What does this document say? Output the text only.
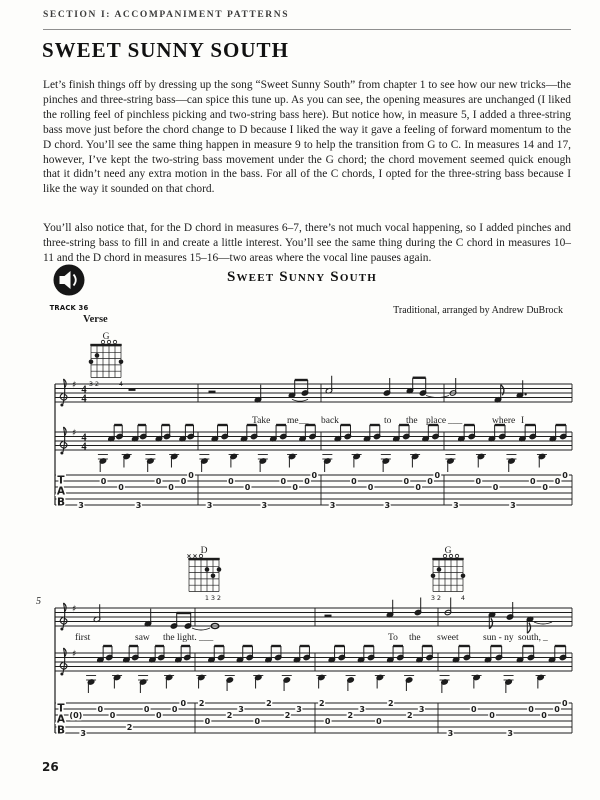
SECTION I: ACCOMPANIMENT PATTERNS
SWEET SUNNY SOUTH

Let’s finish things off by dressing up the song “Sweet Sunny South” from chapter 1 to see how our new tricks—the pinches and three-string bass—can spice this tune up. As you can see, the opening measures are unchanged (I liked the rolling feel of pinchless picking and two-string bass here). But notice how, in measure 5, I added a three-string bass move just before the chord change to D because I liked the way it gave a feeling of forward momentum to the D chord. You’ll see the same thing happen in measure 9 to help the transition from G to C. In measures 14 and 17, however, I’ve kept the two-string bass movement under the G chord; the chord movement seemed quick enough that it didn’t need any extra motion in the bass. For all of the C chords, I opted for the three-string bass because I like the way it sounded on that chord.

You’ll also notice that, for the D chord in measures 6–7, there’s not much vocal happening, so I added pinches and three-string bass to fill in and create a little interest. You’ll see the same thing during the C chord in measures 10–11 and the D chord in measures 15–16—two areas where the vocal line pauses again.

TRACK 36
Sweet Sunny South
Traditional, arranged by Andrew DuBrock
Verse
5
G
3 2	4
D
1 3 2
G
3 2	4
♯
♯
4
4
4
4
Take me __ back	to the place ___	where I
T
A
B 3
0
0
3
0
0
0
0
3
0
0
3
0
0
0
0
3
0
0
3
0
0
0
0
3
0
0
3
0
0
0
0
♯
♯
first	saw the light. ___	To the sweet	sun - ny south, _
T
A
B
(0)
3
0
0
2
0
0
0
0 2
0
2
3
0
2
2
3
2
0
2
3
0
2
2
3
3
0
0
3
0
0
0
0
26
